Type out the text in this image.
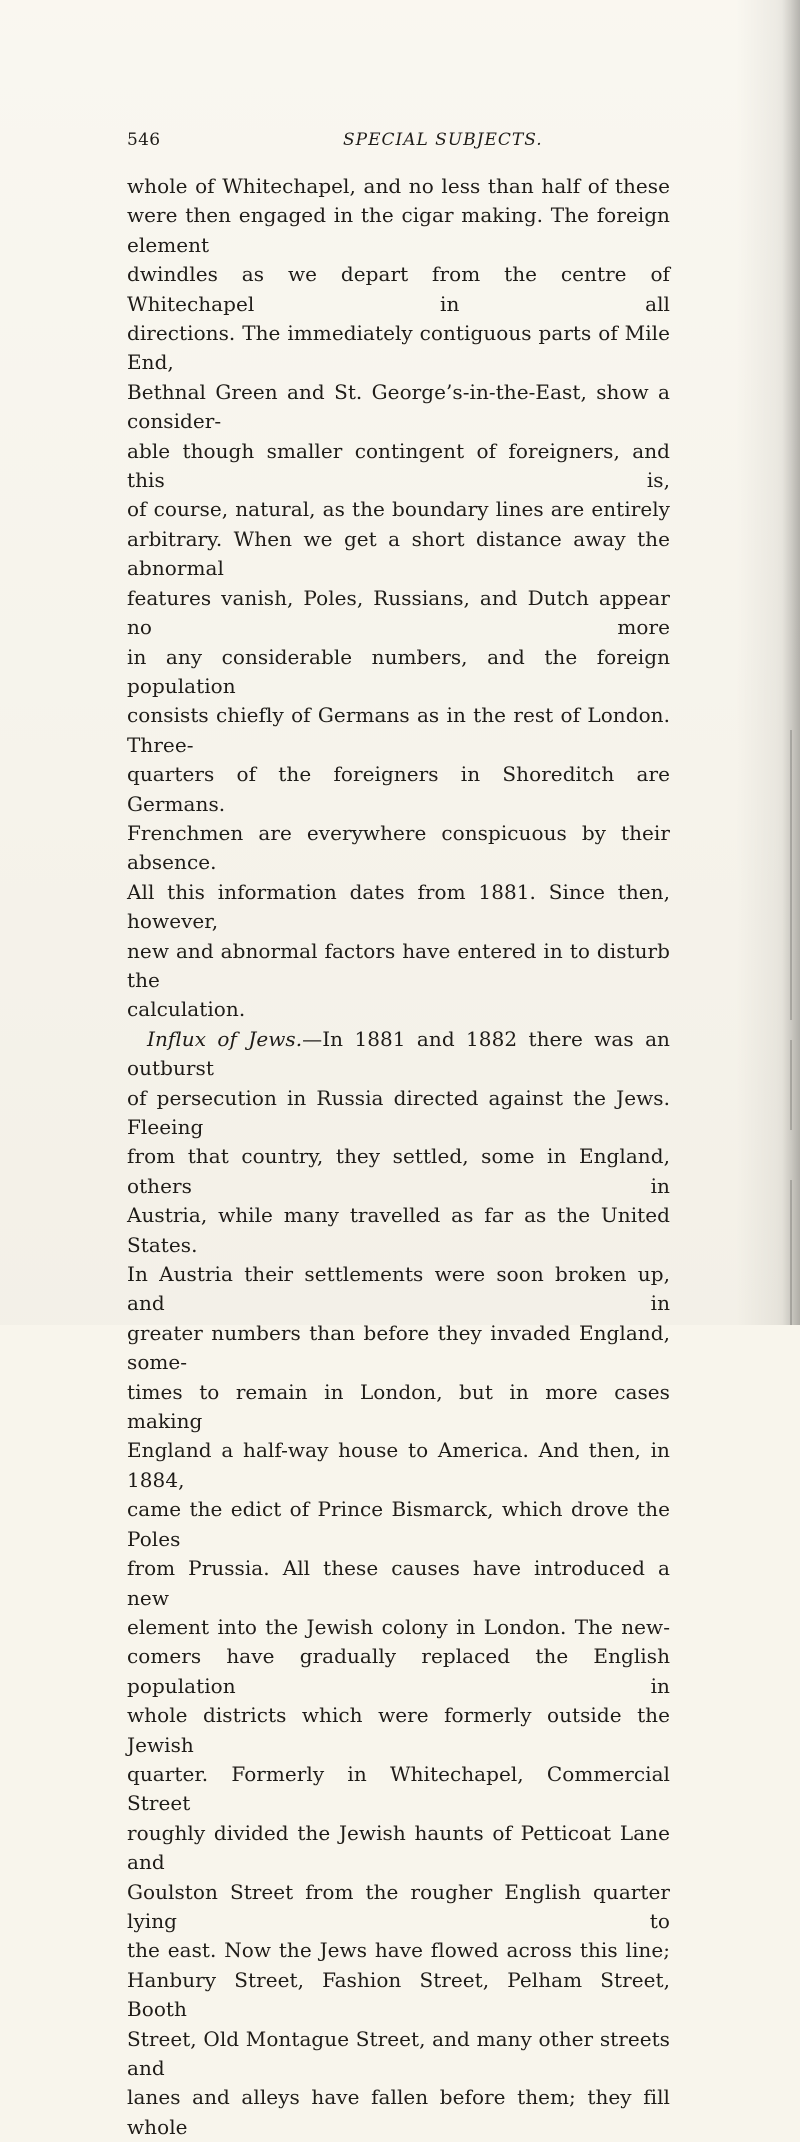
546	SPECIAL SUBJECTS.

whole of Whitechapel, and no less than half of these

were then engaged in the cigar making. The foreign element

dwindles as we depart from the centre of Whitechapel in all

directions. The immediately contiguous parts of Mile End,

Bethnal Green and St. George’s-in-the-East, show a consider-

able though smaller contingent of foreigners, and this is,

of course, natural, as the boundary lines are entirely

arbitrary. When we get a short distance away the abnormal

features vanish, Poles, Russians, and Dutch appear no more

in any considerable numbers, and the foreign population

consists chiefly of Germans as in the rest of London. Three-

quarters of the foreigners in Shoreditch are Germans.

Frenchmen are everywhere conspicuous by their absence.

All this information dates from 1881. Since then, however,

new and abnormal factors have entered in to disturb the

calculation.

Influx of Jews.—In 1881 and 1882 there was an outburst

of persecution in Russia directed against the Jews. Fleeing

from that country, they settled, some in England, others in

Austria, while many travelled as far as the United States.

In Austria their settlements were soon broken up, and in

greater numbers than before they invaded England, some-

times to remain in London, but in more cases making

England a half-way house to America. And then, in 1884,

came the edict of Prince Bismarck, which drove the Poles

from Prussia. All these causes have introduced a new

element into the Jewish colony in London. The new-

comers have gradually replaced the English population in

whole districts which were formerly outside the Jewish

quarter. Formerly in Whitechapel, Commercial Street

roughly divided the Jewish haunts of Petticoat Lane and

Goulston Street from the rougher English quarter lying to

the east. Now the Jews have flowed across this line;

Hanbury Street, Fashion Street, Pelham Street, Booth

Street, Old Montague Street, and many other streets and

lanes and alleys have fallen before them; they fill whole
